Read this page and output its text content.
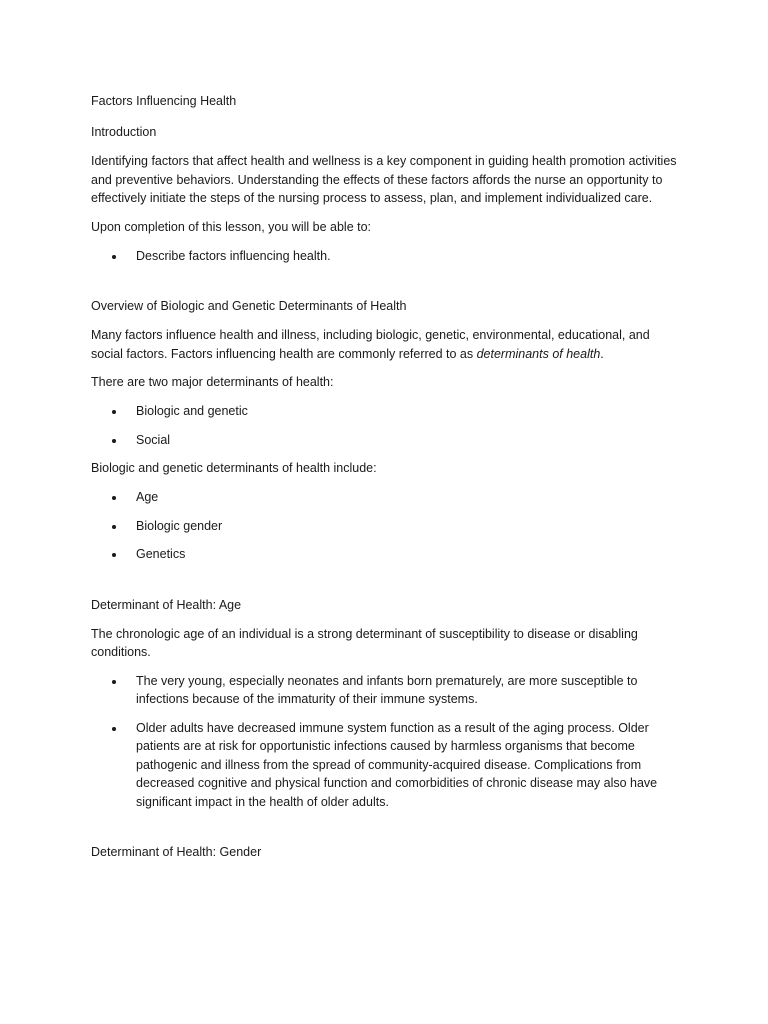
Factors Influencing Health

Introduction

Identifying factors that affect health and wellness is a key component in guiding health promotion activities and preventive behaviors. Understanding the effects of these factors affords the nurse an opportunity to effectively initiate the steps of the nursing process to assess, plan, and implement individualized care.

Upon completion of this lesson, you will be able to:

Describe factors influencing health.

Overview of Biologic and Genetic Determinants of Health

Many factors influence health and illness, including biologic, genetic, environmental, educational, and social factors. Factors influencing health are commonly referred to as determinants of health.

There are two major determinants of health:

Biologic and genetic
Social

Biologic and genetic determinants of health include:

Age
Biologic gender
Genetics

Determinant of Health: Age

The chronologic age of an individual is a strong determinant of susceptibility to disease or disabling conditions.

The very young, especially neonates and infants born prematurely, are more susceptible to infections because of the immaturity of their immune systems.
Older adults have decreased immune system function as a result of the aging process. Older patients are at risk for opportunistic infections caused by harmless organisms that become pathogenic and illness from the spread of community-acquired disease. Complications from decreased cognitive and physical function and comorbidities of chronic disease may also have significant impact in the health of older adults.

Determinant of Health: Gender
